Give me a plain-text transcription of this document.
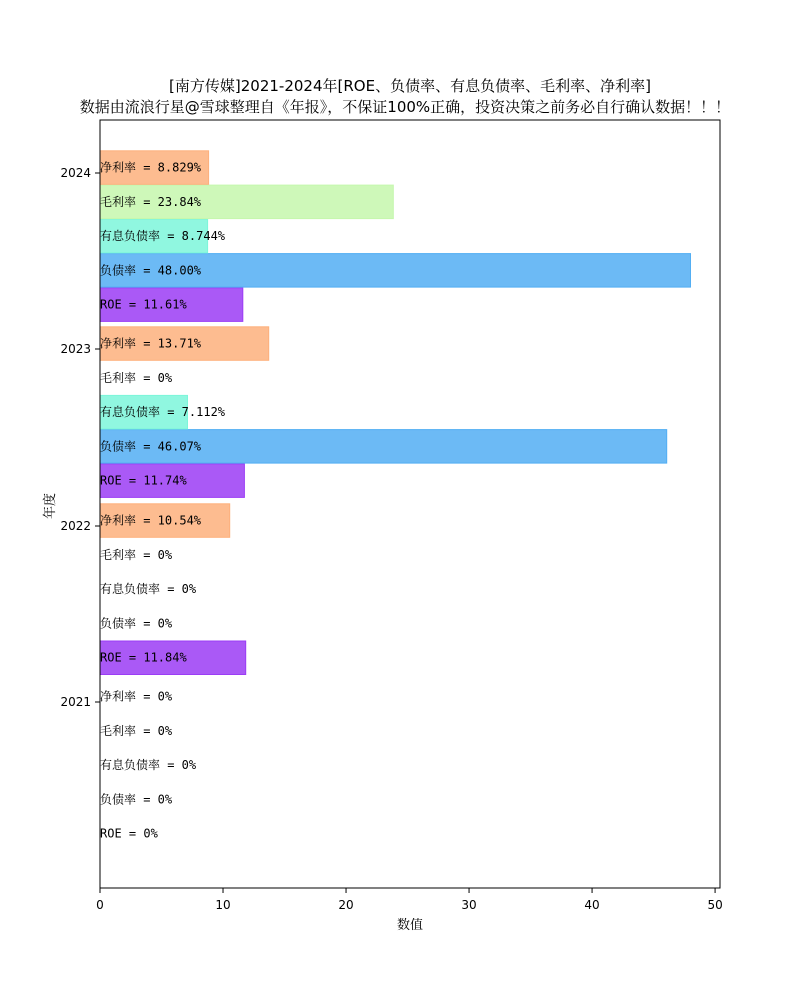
[南方传媒]2021-2024年[ROE、负债率、有息负债率、毛利率、净利率]
数据由流浪行星@雪球整理自《年报》，不保证100%正确，投资决策之前务必自行确认数据！！！
ROE = 0%
负债率 = 0%
有息负债率 = 0%
毛利率 = 0%
净利率 = 0%
ROE = 11.84%
负债率 = 0%
有息负债率 = 0%
毛利率 = 0%
净利率 = 10.54%
ROE = 11.74%
负债率 = 46.07%
有息负债率 = 7.112%
毛利率 = 0%
净利率 = 13.71%
ROE = 11.61%
负债率 = 48.00%
有息负债率 = 8.744%
毛利率 = 23.84%
净利率 = 8.829%
0	10	20	30	40	50
2021
2022
2023
2024
数值
年度
